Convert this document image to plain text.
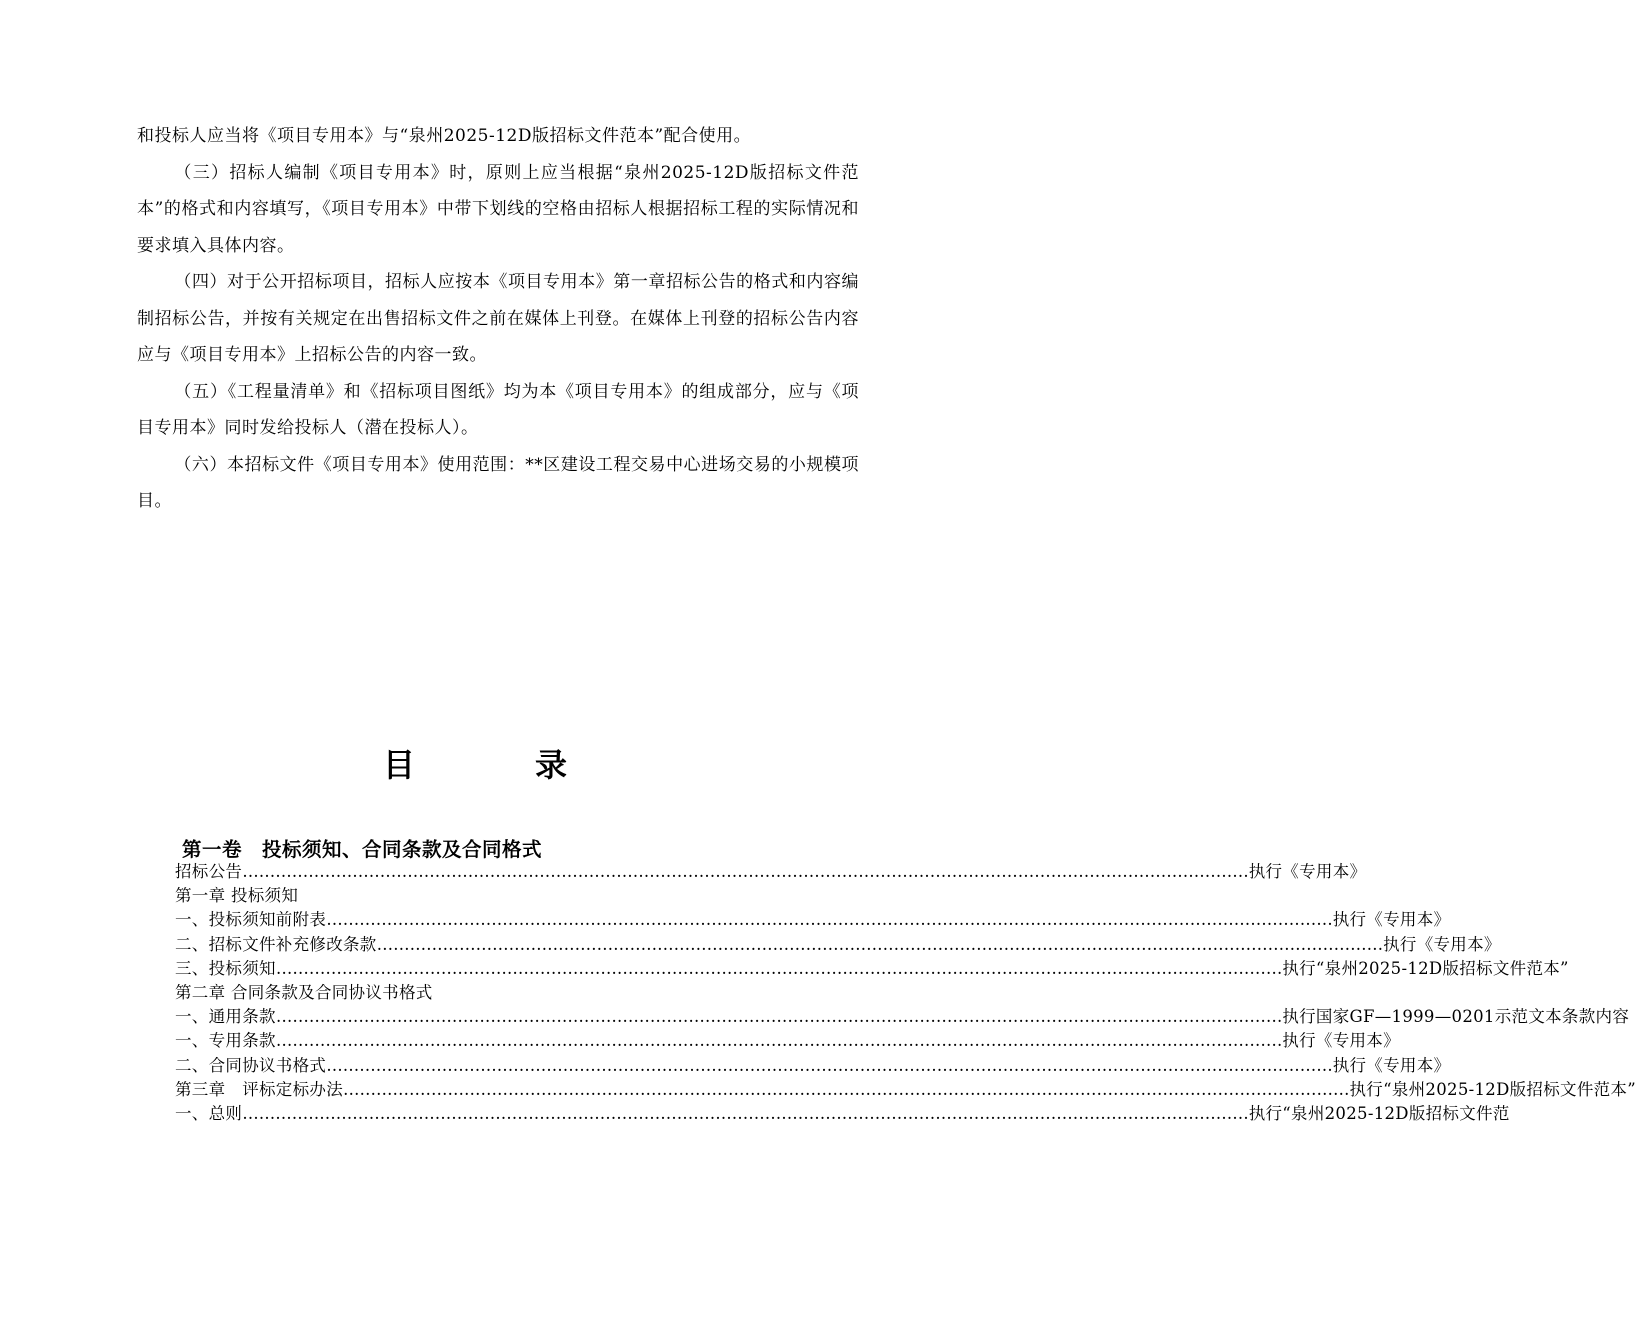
和投标人应当将《项目专用本》与“泉州2025-12D版招标文件范本”配合使用。

（三）招标人编制《项目专用本》时，原则上应当根据“泉州2025-12D版招标文件范本”的格式和内容填写，《项目专用本》中带下划线的空格由招标人根据招标工程的实际情况和要求填入具体内容。

（四）对于公开招标项目，招标人应按本《项目专用本》第一章招标公告的格式和内容编制招标公告，并按有关规定在出售招标文件之前在媒体上刊登。在媒体上刊登的招标公告内容应与《项目专用本》上招标公告的内容一致。

（五）《工程量清单》和《招标项目图纸》均为本《项目专用本》的组成部分，应与《项目专用本》同时发给投标人（潜在投标人）。

（六）本招标文件《项目专用本》使用范围：**区建设工程交易中心进场交易的小规模项目。

目 录
第一卷　投标须知、合同条款及合同格式
招标公告 ………………………………………………………………………………………………………………………………………………………………… 执行《专用本》
第一章 投标须知
一、投标须知前附表 ………………………………………………………………………………………………………………………………………………………………… 执行《专用本》
二、招标文件补充修改条款 ………………………………………………………………………………………………………………………………………………………………… 执行《专用本》
三、投标须知 ………………………………………………………………………………………………………………………………………………………………… 执行“泉州2025-12D版招标文件范本”
第二章 合同条款及合同协议书格式
一、通用条款 ………………………………………………………………………………………………………………………………………………………………… 执行国家GF—1999—0201示范文本条款内容
一、专用条款 ………………………………………………………………………………………………………………………………………………………………… 执行《专用本》
二、合同协议书格式 ………………………………………………………………………………………………………………………………………………………………… 执行《专用本》
第三章　评标定标办法 ………………………………………………………………………………………………………………………………………………………………… 执行“泉州2025-12D版招标文件范本”
一、总则 ………………………………………………………………………………………………………………………………………………………………… 执行“泉州2025-12D版招标文件范
